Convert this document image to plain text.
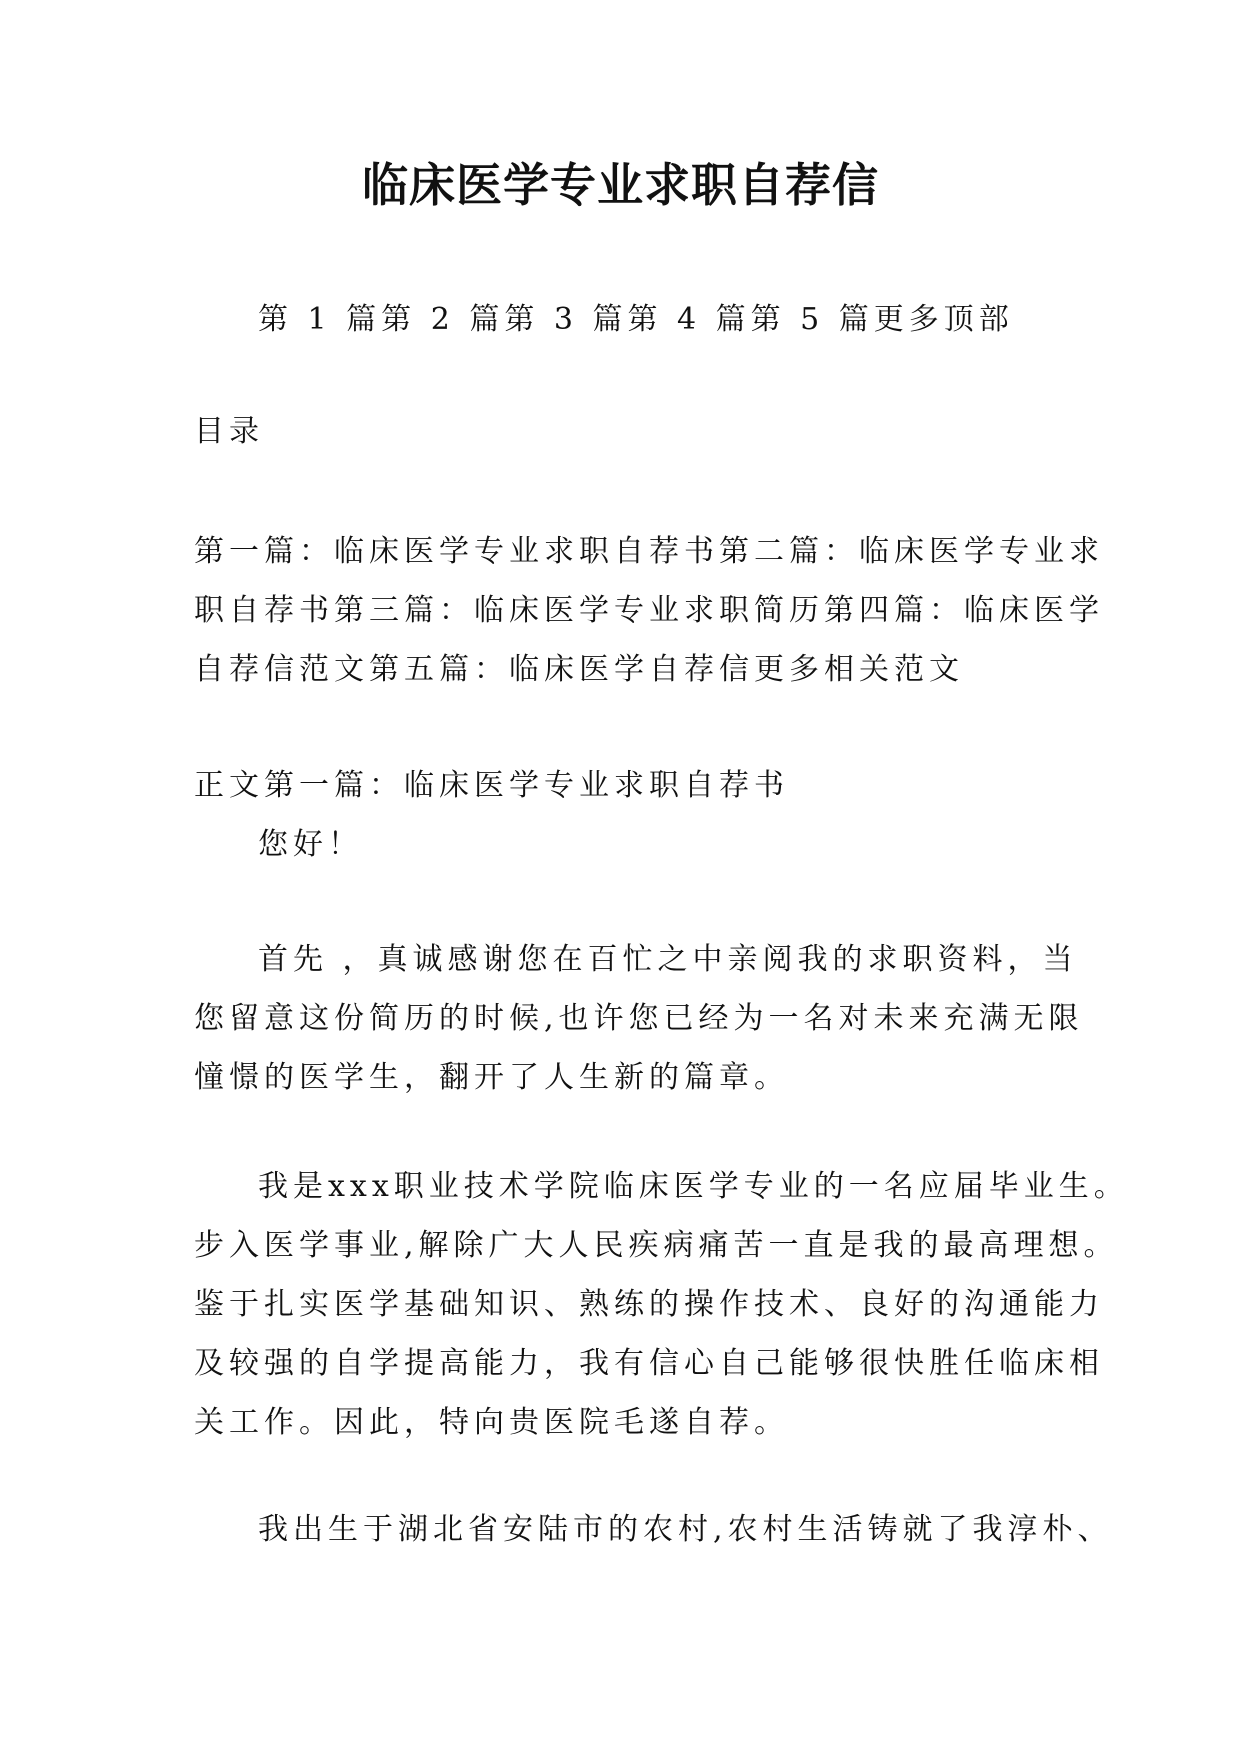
临床医学专业求职自荐信
第 1 篇第 2 篇第 3 篇第 4 篇第 5 篇更多顶部
目录
第一篇：临床医学专业求职自荐书第二篇：临床医学专业求
职自荐书第三篇：临床医学专业求职简历第四篇：临床医学
自荐信范文第五篇：临床医学自荐信更多相关范文
正文第一篇：临床医学专业求职自荐书
您好！
首先 ，真诚感谢您在百忙之中亲阅我的求职资料，当
您留意这份简历的时候,也许您已经为一名对未来充满无限
憧憬的医学生，翻开了人生新的篇章。
我是xxx职业技术学院临床医学专业的一名应届毕业生。
步入医学事业,解除广大人民疾病痛苦一直是我的最高理想。
鉴于扎实医学基础知识、熟练的操作技术、良好的沟通能力
及较强的自学提高能力，我有信心自己能够很快胜任临床相
关工作。因此，特向贵医院毛遂自荐。
我出生于湖北省安陆市的农村,农村生活铸就了我淳朴、
